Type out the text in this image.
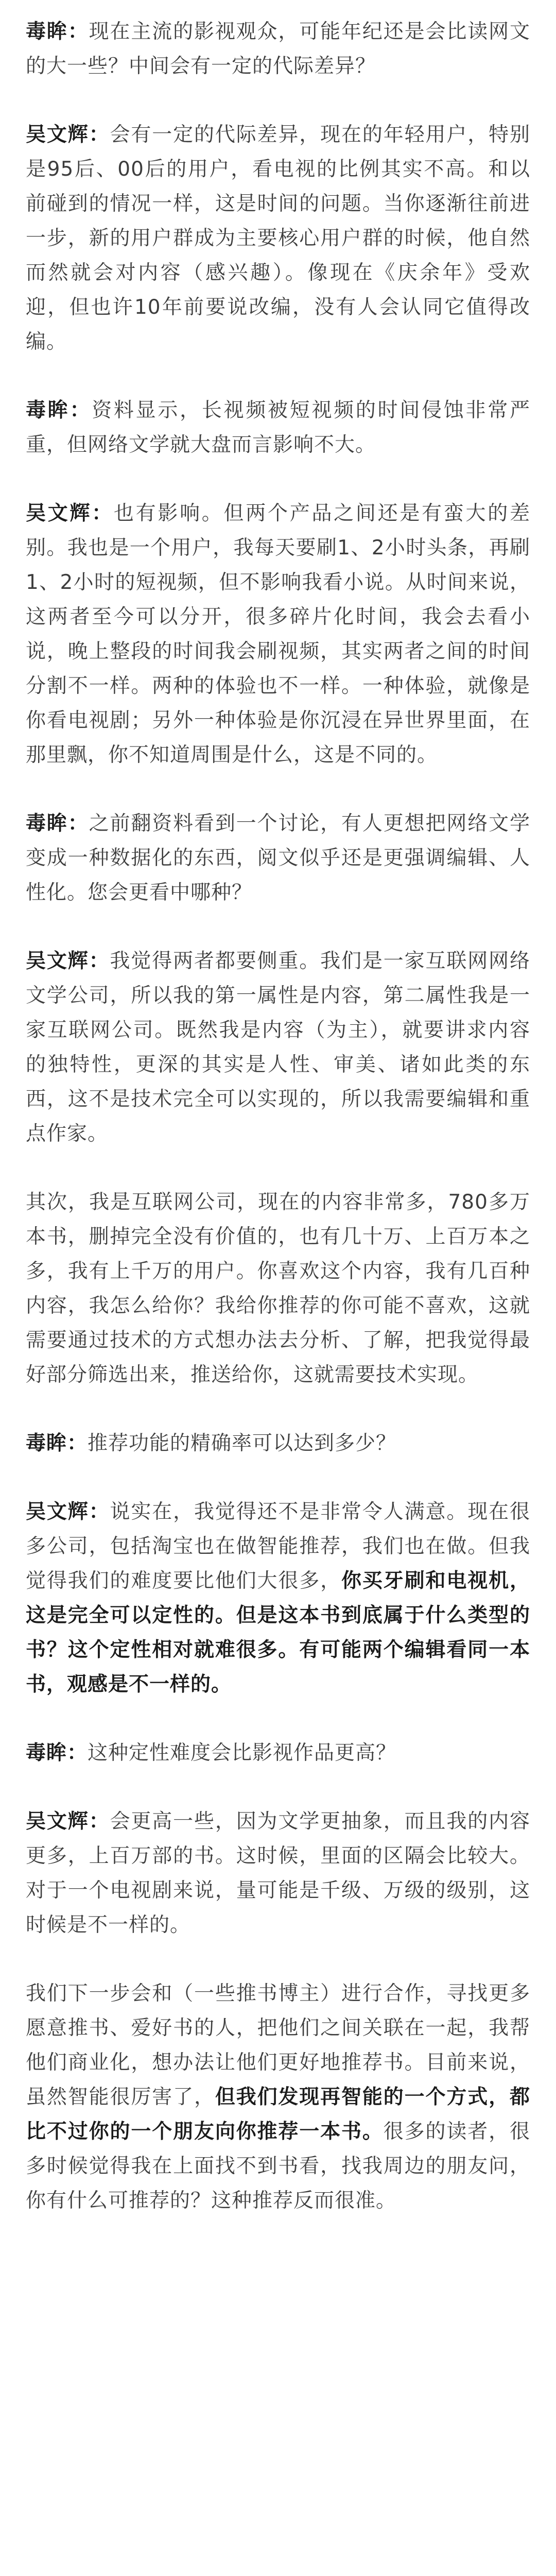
毒眸：现在主流的影视观众，可能年纪还是会比读网文的大一些？中间会有一定的代际差异？

吴文辉：会有一定的代际差异，现在的年轻用户，特别是95后、00后的用户，看电视的比例其实不高。和以前碰到的情况一样，这是时间的问题。当你逐渐往前进一步，新的用户群成为主要核心用户群的时候，他自然而然就会对内容（感兴趣）。像现在《庆余年》受欢迎，但也许10年前要说改编，没有人会认同它值得改编。

毒眸：资料显示，长视频被短视频的时间侵蚀非常严重，但网络文学就大盘而言影响不大。

吴文辉：也有影响。但两个产品之间还是有蛮大的差别。我也是一个用户，我每天要刷1、2小时头条，再刷1、2小时的短视频，但不影响我看小说。从时间来说，这两者至今可以分开，很多碎片化时间，我会去看小说，晚上整段的时间我会刷视频，其实两者之间的时间分割不一样。两种的体验也不一样。一种体验，就像是你看电视剧；另外一种体验是你沉浸在异世界里面，在那里飘，你不知道周围是什么，这是不同的。

毒眸：之前翻资料看到一个讨论，有人更想把网络文学变成一种数据化的东西，阅文似乎还是更强调编辑、人性化。您会更看中哪种？

吴文辉：我觉得两者都要侧重。我们是一家互联网网络文学公司，所以我的第一属性是内容，第二属性我是一家互联网公司。既然我是内容（为主），就要讲求内容的独特性，更深的其实是人性、审美、诸如此类的东西，这不是技术完全可以实现的，所以我需要编辑和重点作家。

其次，我是互联网公司，现在的内容非常多，780多万本书，删掉完全没有价值的，也有几十万、上百万本之多，我有上千万的用户。你喜欢这个内容，我有几百种内容，我怎么给你？我给你推荐的你可能不喜欢，这就需要通过技术的方式想办法去分析、了解，把我觉得最好部分筛选出来，推送给你，这就需要技术实现。

毒眸：推荐功能的精确率可以达到多少？

吴文辉：说实在，我觉得还不是非常令人满意。现在很多公司，包括淘宝也在做智能推荐，我们也在做。但我觉得我们的难度要比他们大很多，你买牙刷和电视机，这是完全可以定性的。但是这本书到底属于什么类型的书？这个定性相对就难很多。有可能两个编辑看同一本书，观感是不一样的。

毒眸：这种定性难度会比影视作品更高？

吴文辉：会更高一些，因为文学更抽象，而且我的内容更多，上百万部的书。这时候，里面的区隔会比较大。对于一个电视剧来说，量可能是千级、万级的级别，这时候是不一样的。

我们下一步会和（一些推书博主）进行合作，寻找更多愿意推书、爱好书的人，把他们之间关联在一起，我帮他们商业化，想办法让他们更好地推荐书。目前来说，虽然智能很厉害了，但我们发现再智能的一个方式，都比不过你的一个朋友向你推荐一本书。很多的读者，很多时候觉得我在上面找不到书看，找我周边的朋友问，你有什么可推荐的？这种推荐反而很准。
